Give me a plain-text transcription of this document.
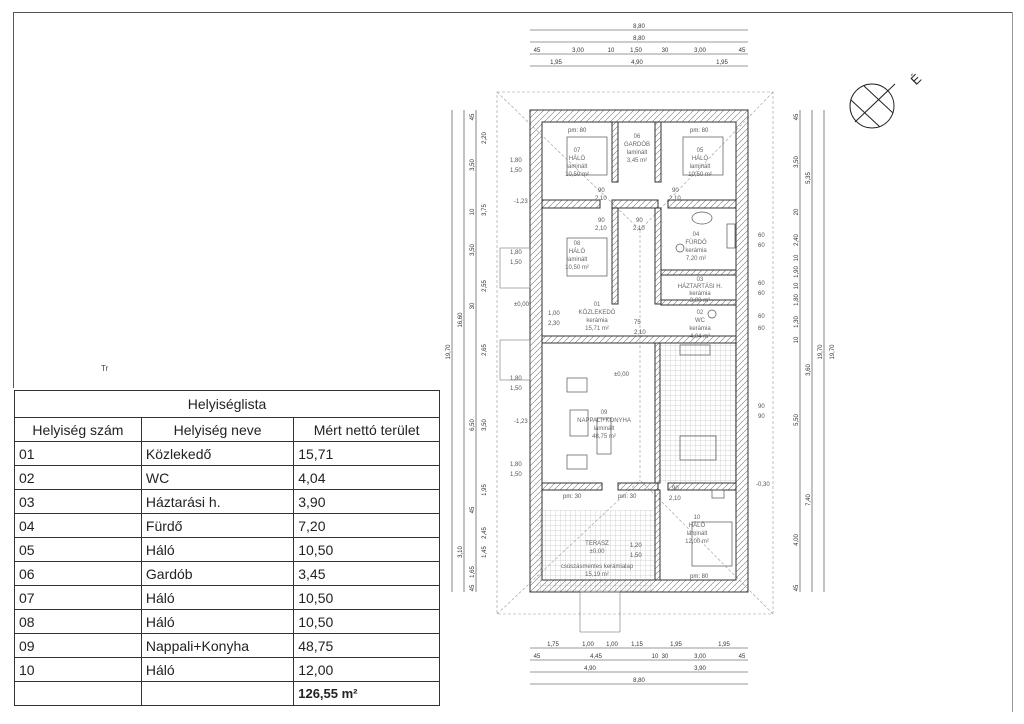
Tr
Helyiséglista		
Helyiség szám	Helyiség neve	Mért nettó terület
01	Közlekedő	15,71
02	WC	4,04
03	Háztarási h.	3,90
04	Fürdő	7,20
05	Háló	10,50
06	Gardób	3,45
07	Háló	10,50
08	Háló	10,50
09	Nappali+Konyha	48,75
10	Háló	12,00
		126,55 m²
07
HÁLÓ
laminált
10,50 m²
06
GARDÓB
laminált
3,45 m²
05
HÁLÓ
laminált
10,50 m²
08
HÁLÓ
laminált
10,50 m²
04
FÜRDŐ
kerámia
7,20 m²
03
HÁZTARTÁSI H.
kerámia
3,90 m²
01
KÖZLEKEDŐ
kerámia
15,71 m²
02
WC
kerámia
4,04 m²
09
NAPPALI+KONYHA
laminált
48,75 m²
10
HÁLÓ
laminált
12,00 m²
TERASZ
±0,00
csúszásmentes kerámialap
15,19 m²
pm: 80	pm: 80
pm: 30	pm: 30
pm: 80
1,80
1,50
1,80
1,50
1,80
1,50
1,80
1,50
90
2,10
90
2,10
90
2,10
90
2,10
1,00
2,30	75
2,10
90
2,10
1,20
1,50
60
60
60
60
60
60
90
90
±0,00
±0,00
-1,23
-1,23
-0,30
8,80
8,80
45	3,00	10	1,50	30	3,00	45
1,95	4,90	1,95
1,75	1,00 1,00 1,15	1,95	1,95
45	4,45	10 30	3,00	45
4,90	3,90
8,80
19,70
16,60
45
2,20
3,50
10 3,75
3,50
2,55
30
2,65
6,50 3,50
1,95
45
2,45
1,45
3,10
1,65
45
19,70 19,70
5,35
3,60
5,50
7,40
4,00
45
3,50
20
2,40
10
1,90
10
1,80
1,30
10
45
É
